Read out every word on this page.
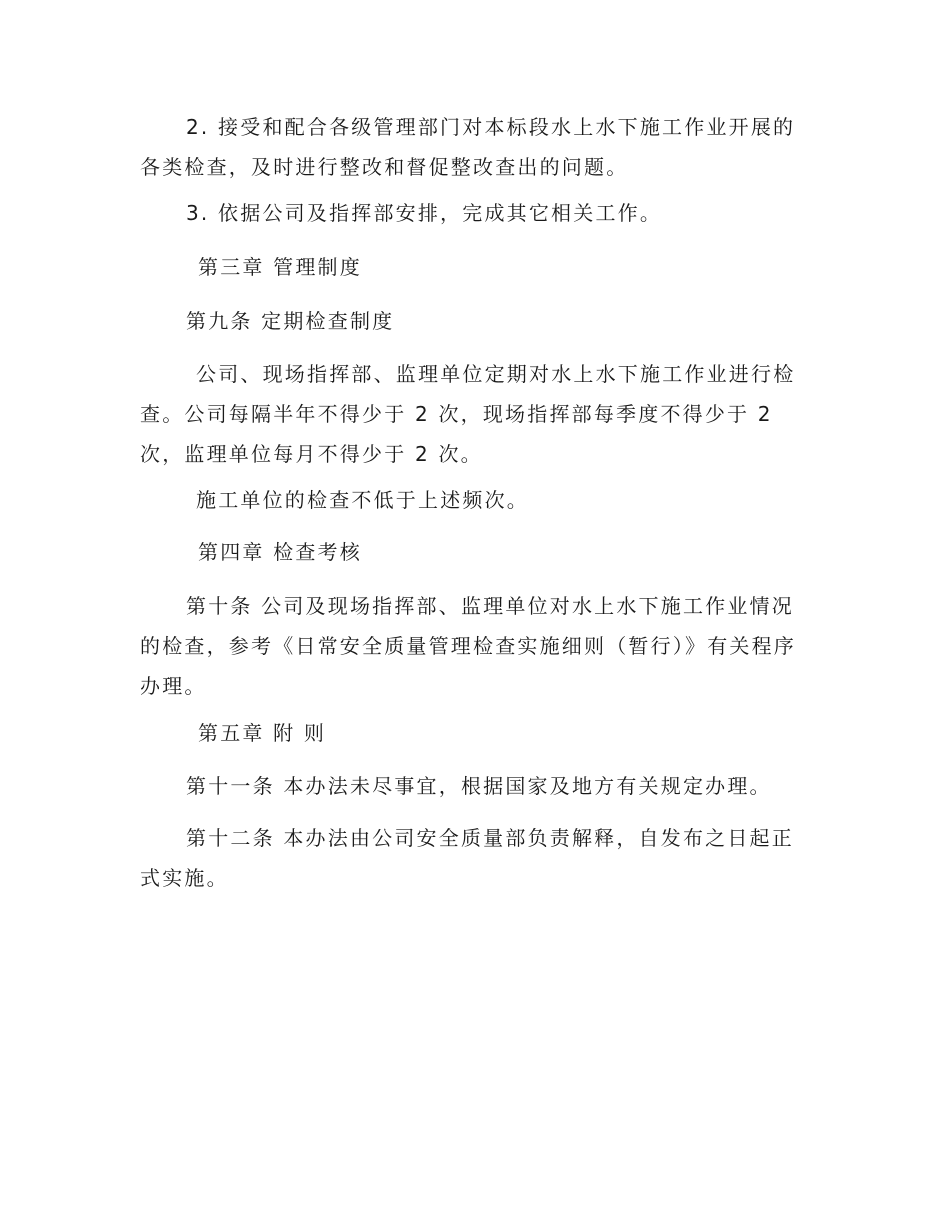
2. 接受和配合各级管理部门对本标段水上水下施工作业开展的各类检查，及时进行整改和督促整改查出的问题。

3. 依据公司及指挥部安排，完成其它相关工作。

第三章 管理制度

第九条 定期检查制度

公司、现场指挥部、监理单位定期对水上水下施工作业进行检查。公司每隔半年不得少于 2 次，现场指挥部每季度不得少于 2 次，监理单位每月不得少于 2 次。

施工单位的检查不低于上述频次。

第四章 检查考核

第十条 公司及现场指挥部、监理单位对水上水下施工作业情况的检查，参考《日常安全质量管理检查实施细则（暂行）》有关程序办理。

第五章 附 则

第十一条 本办法未尽事宜，根据国家及地方有关规定办理。

第十二条 本办法由公司安全质量部负责解释，自发布之日起正式实施。
